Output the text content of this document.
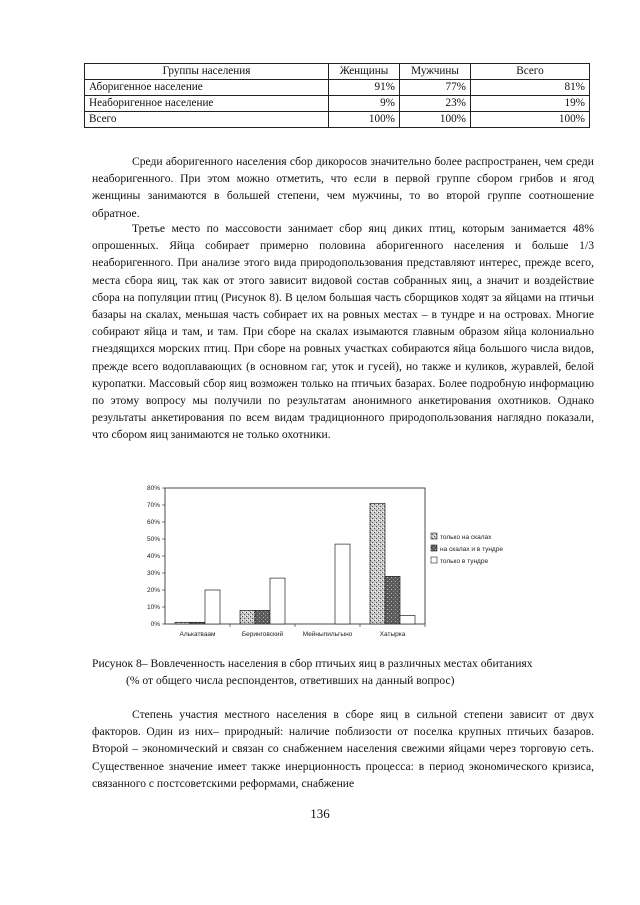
Группы населения	Женщины	Мужчины	Всего
Аборигенное население	91%	77%	81%
Неаборигенное население	9%	23%	19%
Всего	100%	100%	100%

Среди аборигенного населения сбор дикоросов значительно более распространен, чем среди неаборигенного. При этом можно отметить, что если в первой группе сбором грибов и ягод женщины занимаются в большей степени, чем мужчины, то во второй группе соотношение обратное.

Третье место по массовости занимает сбор яиц диких птиц, которым занимается 48% опрошенных. Яйца собирает примерно половина аборигенного населения и больше 1/3 неаборигенного. При анализе этого вида природопользования представляют интерес, прежде всего, места сбора яиц, так как от этого зависит видовой состав собранных яиц, а значит и воздействие сбора на популяции птиц (Рисунок 8). В целом большая часть сборщиков ходят за яйцами на птичьи базары на скалах, меньшая часть собирает их на ровных местах – в тундре и на островах. Многие собирают яйца и там, и там. При сборе на скалах изымаются главным образом яйца колониально гнездящихся морских птиц. При сборе на ровных участках собираются яйца большого числа видов, прежде всего водоплавающих (в основном гаг, уток и гусей), но также и куликов, журавлей, белой куропатки. Массовый сбор яиц возможен только на птичьих базарах. Более подробную информацию по этому вопросу мы получили по результатам анонимного анкетирования охотников. Однако результаты анкетирования по всем видам традиционного природопользования наглядно показали, что сбором яиц занимаются не только охотники.

0%
10%
20%
30%
40%
50%
60%
70%
80%
Алькатваам	Беринговский	Мейныпильгыно	Хатырка
только на скалах
на скалах и в тундре
только в тундре

Рисунок 8– Вовлеченность населения в сбор птичьих яиц в различных местах обитаниях

(% от общего числа респондентов, ответивших на данный вопрос)

Степень участия местного населения в сборе яиц в сильной степени зависит от двух факторов. Один из них– природный: наличие поблизости от поселка крупных птичьих базаров. Второй – экономический и связан со снабжением населения свежими яйцами через торговую сеть. Существенное значение имеет также инерционность процесса: в период экономического кризиса, связанного с постсоветскими реформами, снабжение

136
